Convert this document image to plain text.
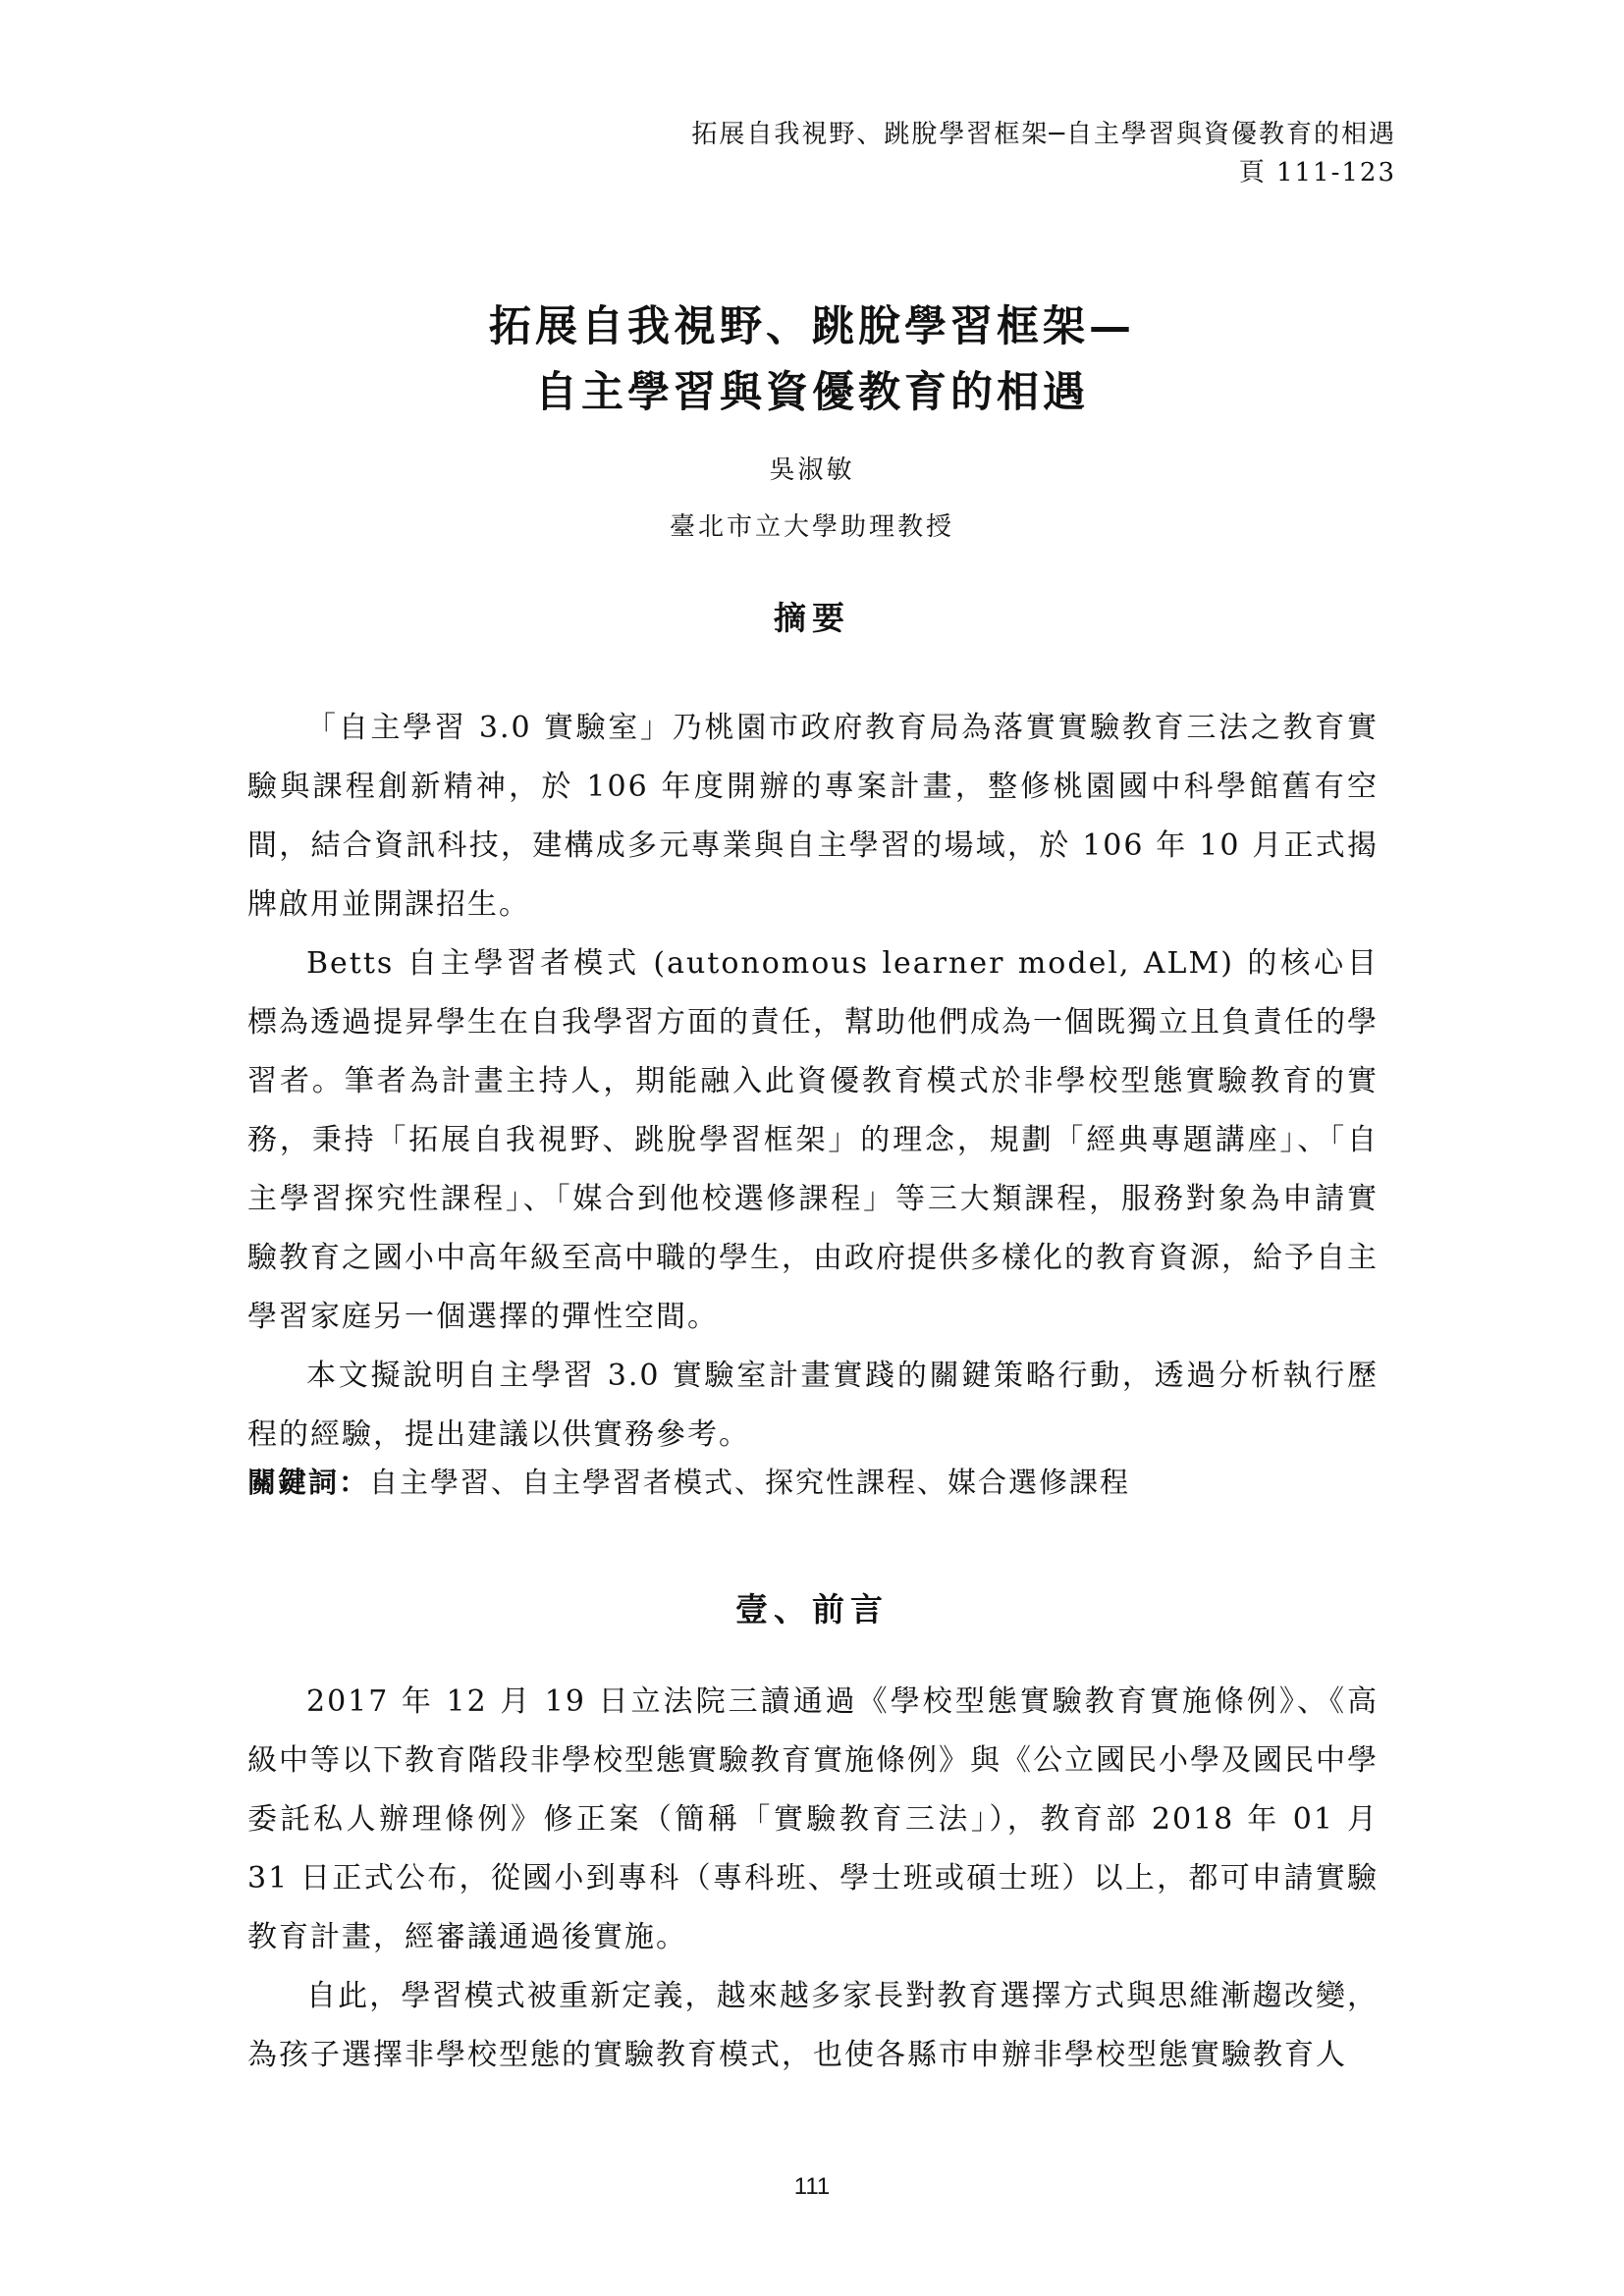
拓展自我視野、跳脫學習框架─自主學習與資優教育的相遇
頁 111-123
拓展自我視野、跳脫學習框架—
自主學習與資優教育的相遇
吳淑敏
臺北市立大學助理教授
摘要

「自主學習 3.0 實驗室」乃桃園市政府教育局為落實實驗教育三法之教育實驗與課程創新精神，於 106 年度開辦的專案計畫，整修桃園國中科學館舊有空間，結合資訊科技，建構成多元專業與自主學習的場域，於 106 年 10 月正式揭牌啟用並開課招生。

Betts 自主學習者模式 (autonomous learner model, ALM) 的核心目標為透過提昇學生在自我學習方面的責任，幫助他們成為一個既獨立且負責任的學習者。筆者為計畫主持人，期能融入此資優教育模式於非學校型態實驗教育的實務，秉持「拓展自我視野、跳脫學習框架」的理念，規劃「經典專題講座」、「自主學習探究性課程」、「媒合到他校選修課程」等三大類課程，服務對象為申請實驗教育之國小中高年級至高中職的學生，由政府提供多樣化的教育資源，給予自主學習家庭另一個選擇的彈性空間。

本文擬說明自主學習 3.0 實驗室計畫實踐的關鍵策略行動，透過分析執行歷程的經驗，提出建議以供實務參考。

關鍵詞：自主學習、自主學習者模式、探究性課程、媒合選修課程
壹、前言

2017 年 12 月 19 日立法院三讀通過《學校型態實驗教育實施條例》、《高級中等以下教育階段非學校型態實驗教育實施條例》與《公立國民小學及國民中學委託私人辦理條例》修正案（簡稱「實驗教育三法」），教育部 2018 年 01 月 31 日正式公布，從國小到專科（專科班、學士班或碩士班）以上，都可申請實驗教育計畫，經審議通過後實施。

自此，學習模式被重新定義，越來越多家長對教育選擇方式與思維漸趨改變，為孩子選擇非學校型態的實驗教育模式，也使各縣市申辦非學校型態實驗教育人

111
